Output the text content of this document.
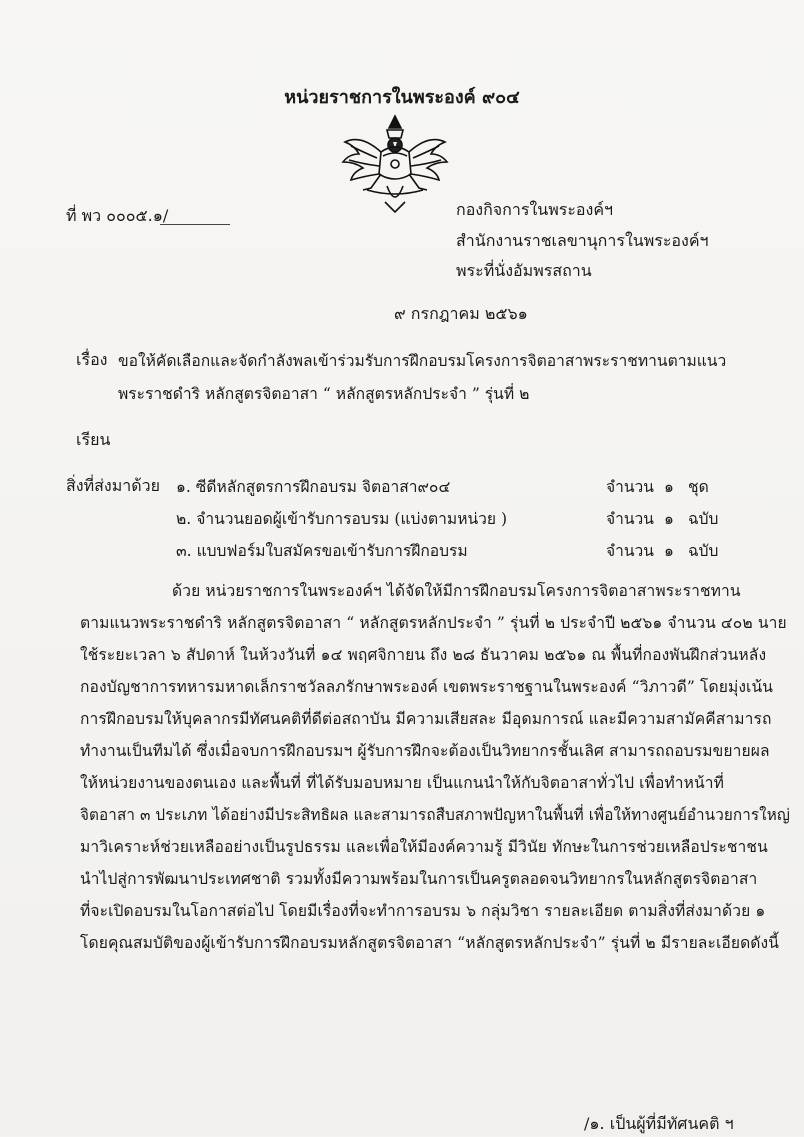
หน่วยราชการในพระองค์ ๙๐๔
ที่ พว ๐๐๐๕.๑/	กองกิจการในพระองค์ฯ
สำนักงานราชเลขานุการในพระองค์ฯ
พระที่นั่งอัมพรสถาน
๙ กรกฎาคม ๒๕๖๑
เรื่อง ขอให้คัดเลือกและจัดกำลังพลเข้าร่วมรับการฝึกอบรมโครงการจิตอาสาพระราชทานตามแนว
พระราชดำริ หลักสูตรจิตอาสา “ หลักสูตรหลักประจำ ” รุ่นที่ ๒
เรียน
สิ่งที่ส่งมาด้วย ๑. ซีดีหลักสูตรการฝึกอบรม จิตอาสา๙๐๔	จำนวน ๑ ชุด
๒. จำนวนยอดผู้เข้ารับการอบรม (แบ่งตามหน่วย )	จำนวน ๑ ฉบับ
๓. แบบฟอร์มใบสมัครขอเข้ารับการฝึกอบรม	จำนวน ๑ ฉบับ
ด้วย หน่วยราชการในพระองค์ฯ ได้จัดให้มีการฝึกอบรมโครงการจิตอาสาพระราชทาน
ตามแนวพระราชดำริ หลักสูตรจิตอาสา “ หลักสูตรหลักประจำ ” รุ่นที่ ๒ ประจำปี ๒๕๖๑ จำนวน ๔๐๒ นาย
ใช้ระยะเวลา ๖ สัปดาห์ ในห้วงวันที่ ๑๔ พฤศจิกายน ถึง ๒๘ ธันวาคม ๒๕๖๑ ณ พื้นที่กองพันฝึกส่วนหลัง
กองบัญชาการทหารมหาดเล็กราชวัลลภรักษาพระองค์ เขตพระราชฐานในพระองค์ “วิภาวดี” โดยมุ่งเน้น
การฝึกอบรมให้บุคลากรมีทัศนคติที่ดีต่อสถาบัน มีความเสียสละ มีอุดมการณ์ และมีความสามัคคีสามารถ
ทำงานเป็นทีมได้ ซึ่งเมื่อจบการฝึกอบรมฯ ผู้รับการฝึกจะต้องเป็นวิทยากรชั้นเลิศ สามารถถอบรมขยายผล
ให้หน่วยงานของตนเอง และพื้นที่ ที่ได้รับมอบหมาย เป็นแกนนำให้กับจิตอาสาทั่วไป เพื่อทำหน้าที่
จิตอาสา ๓ ประเภท ได้อย่างมีประสิทธิผล และสามารถสืบสภาพปัญหาในพื้นที่ เพื่อให้ทางศูนย์อำนวยการใหญ่
มาวิเคราะห์ช่วยเหลืออย่างเป็นรูปธรรม และเพื่อให้มีองค์ความรู้ มีวินัย ทักษะในการช่วยเหลือประชาชน
นำไปสู่การพัฒนาประเทศชาติ รวมทั้งมีความพร้อมในการเป็นครูตลอดจนวิทยากรในหลักสูตรจิตอาสา
ที่จะเปิดอบรมในโอกาสต่อไป โดยมีเรื่องที่จะทำการอบรม ๖ กลุ่มวิชา รายละเอียด ตามสิ่งที่ส่งมาด้วย ๑
โดยคุณสมบัติของผู้เข้ารับการฝึกอบรมหลักสูตรจิตอาสา “หลักสูตรหลักประจำ” รุ่นที่ ๒ มีรายละเอียดดังนี้
/๑. เป็นผู้ที่มีทัศนคติ ฯ
